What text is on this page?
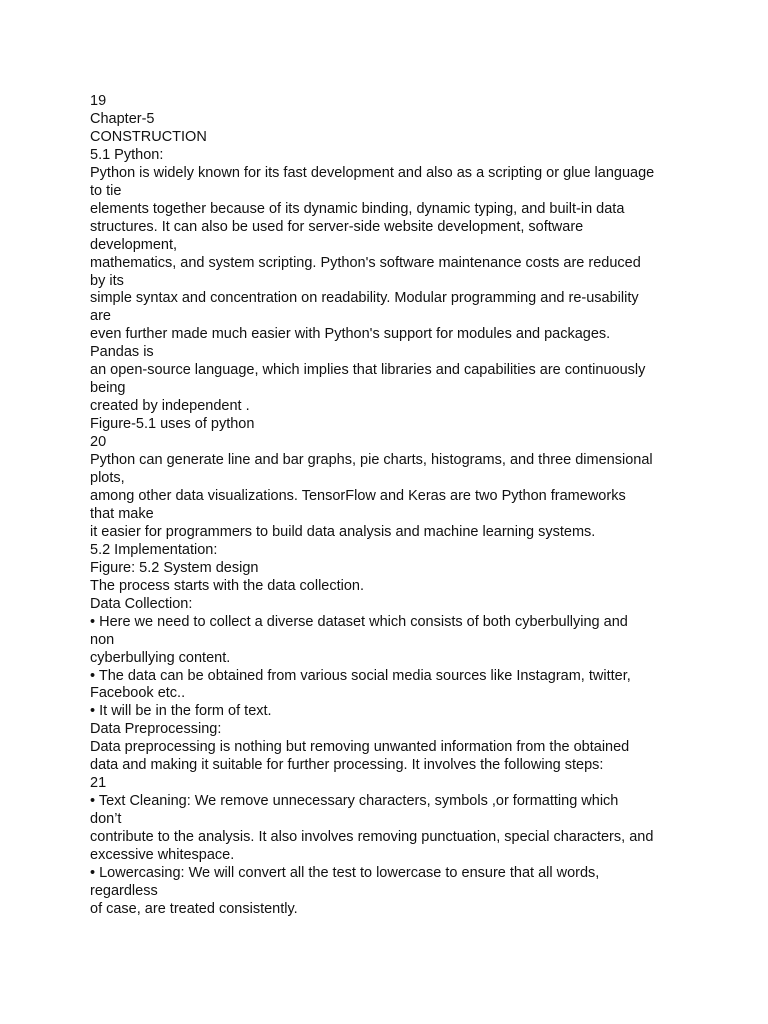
19
Chapter-5
CONSTRUCTION
5.1 Python:
Python is widely known for its fast development and also as a scripting or glue language
to tie
elements together because of its dynamic binding, dynamic typing, and built-in data
structures. It can also be used for server-side website development, software
development,
mathematics, and system scripting. Python's software maintenance costs are reduced
by its
simple syntax and concentration on readability. Modular programming and re-usability
are
even further made much easier with Python's support for modules and packages.
Pandas is
an open-source language, which implies that libraries and capabilities are continuously
being
created by independent .
Figure-5.1 uses of python
20
Python can generate line and bar graphs, pie charts, histograms, and three dimensional
plots,
among other data visualizations. TensorFlow and Keras are two Python frameworks
that make
it easier for programmers to build data analysis and machine learning systems.
5.2 Implementation:
Figure: 5.2 System design
The process starts with the data collection.
Data Collection:
• Here we need to collect a diverse dataset which consists of both cyberbullying and
non
cyberbullying content.
• The data can be obtained from various social media sources like Instagram, twitter,
Facebook etc..
• It will be in the form of text.
Data Preprocessing:
Data preprocessing is nothing but removing unwanted information from the obtained
data and making it suitable for further processing. It involves the following steps:
21
• Text Cleaning: We remove unnecessary characters, symbols ,or formatting which
don’t
contribute to the analysis. It also involves removing punctuation, special characters, and
excessive whitespace.
• Lowercasing: We will convert all the test to lowercase to ensure that all words,
regardless
of case, are treated consistently.
